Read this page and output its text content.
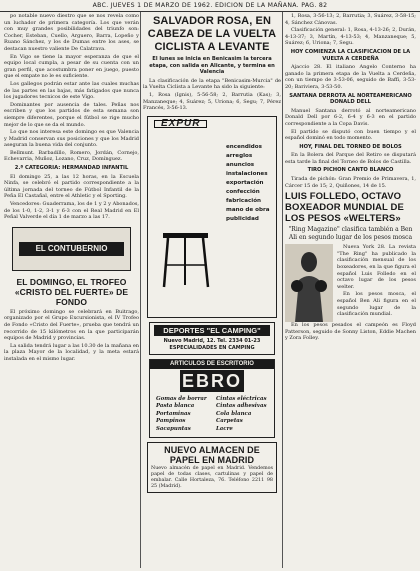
ABC. JUEVES 1 DE MARZO DE 1962. EDICION DE LA MAÑANA. PAG. 82

po notable nuevo diestro que se nos revela como un luchador de primera categoría. Los que verán con muy grandes posibilidades del triunfo son: Cocher, Esteban, Cuello, Arguero, Barra, Lopeño y Ruano Sánchez, y los de Dumas entre los ases, se destacan nuestro valiente De Calatrava.

En Vigo se tiene la mayor esperanza de que el equipo local cumpla, a pesar de su cuenta con un gran perfil, que acostumbra poner en juego, puesto que el empate no le es suficiente.

Los gallegos podrán estar ante las cuales muchas de las partes en las bajas, más fatigados que nunca los jugadores tecnicos de este Vigo.

Dominantes por ausencia de tales. Peñas nos escriben y que los partidos de esta semana son siempre diferentes, porque el fútbol se rige mucho mejor de lo que se da el mundo.

Lo que nos interesa este domingo es que Valencia y Madrid conservan sus posiciones y que los Madrid aseguran la buena vida del conjunto.

Bellmunt. Barbadillo, Romero, Jordán, Cornejo, Echevarria, Muñoz, Lozano, Cruz, Domínguez.

2.ª CATEGORIA: HERMANDAD INFANTIL

El domingo 25, a las 12 horas, en la Escuela Ninfa, se celebró el partido correspondiente a la última jornada del torneo de Fútbol Infantil de la Peña El Castañal, entre el Athletic y el Sporting.

Vencedores: Guaderrama, los de 1 y 2 y Abonados, de los 1-0, 1-2, 3-1 y 6-3 con el Real Madrid en El Peñal Valverde el día 1 de marzo a las 17.

EL CONTUBERNIO
EL DOMINGO, EL TROFEO «CRISTO DEL FUERTE» DE FONDO

El próximo domingo se celebrará en Buitrago, organizado por el Grupo Excursionista, el IV Trofeo de Fondo «Cristo del Fuerte», prueba que tendrá un recorrido de 15 kilómetros en la que participarán equipos de Madrid y provincias.

La salida tendrá lugar a las 10.30 de la mañana en la plaza Mayor de la localidad, y la meta estará instalada en el mismo lugar.

SALVADOR ROSA, EN CABEZA DE LA VUELTA CICLISTA A LEVANTE
El lunes se inicia en Benicasim la tercera etapa, con salida en Alicante, y termina en Valencia

La clasificación de la etapa "Benicasim-Murcia" de la Vuelta Ciclista a Levante ha sido la siguiente:

1, Rosa (Ignis), 5-56-58; 2, Barrutia (Kas); 3, Manzaneque; 4, Suárez; 5, Uriona; 6, Segu; 7, Pérez Francés, 3-56-13.

EXPUR
encendidos
arreglos
anuncios
instalaciones
exportación
confección
fabricación
mano de obra
publicidad
DEPORTES "EL CAMPING"
Nuevo Madrid, 12. Tel. 2334 01-23 ESPECIALIDADES EN CAMPING
ARTICULOS DE ESCRITORIO
EBRO
Gomas de borrar
Pasta blanca
Portaminas
Pampinos
Sacapuntas
Cintas eléctricas
Cintas adhesivas
Cola blanca
Carpetas
Lacre
NUEVO ALMACEN DE PAPEL EN MADRID
Nuevo almacén de papel en Madrid. Vendemos papel de todas clases, cartulinas y papel de embalar. Calle Hortaleza, 76. Teléfono 2211 98 25 (Madrid).

1, Rosa, 3-56-13; 2, Barrutia; 3, Suárez, 3-58-15; 4, Sánchez Cánovas.

Clasificación general: 1, Rosa, 4-13-26; 2, Durán, 4-13-37; 3, Martín, 4-13-53; 4, Manzaneque; 5, Suárez; 6, Uriona; 7, Segu.

HOY COMIENZA LA CLASIFICACION DE LA VUELTA A CERDEÑA

Ajaccio 28. El italiano Angelo Conterno ha ganado la primera etapa de la Vuelta a Cerdeña, con un tiempo de 3-53-06, seguido de Baffi, 3-53-20; Bariviera, 3-53-50.

SANTANA DERROTA AL NORTEAMERICANO DONALD DELL

Manuel Santana derrotó al norteamericano Donald Dell por 6-2, 6-4 y 6-3 en el partido correspondiente a la Copa Davis.

El partido se disputó con buen tiempo y el español dominó en todo momento.

HOY, FINAL DEL TORNEO DE BOLOS

En la Bolera del Parque del Retiro se disputará esta tarde la final del Torneo de Bolos de Castilla.

TIRO PICHON CANTO BLANCO

Tirada de pichón: Gran Premio de Primavera, 1, Cárcer 15 de 15; 2, Quiñones, 14 de 15.

LUIS FOLLEDO, OCTAVO BOXEADOR MUNDIAL DE LOS PESOS «WELTERS»
"Ring Magazine" clasifica también a Ben Ali en segundo lugar de los pesos mosca

Nueva York 28. La revista "The Ring" ha publicado la clasificación mensual de los boxeadores, en la que figura el español Luis Folledo en el octavo lugar de los pesos welter.

En los pesos mosca, el español Ben Ali figura en el segundo lugar de la clasificación mundial.

En los pesos pesados el campeón es Floyd Patterson, seguido de Sonny Liston, Eddie Machen y Zora Folley.
